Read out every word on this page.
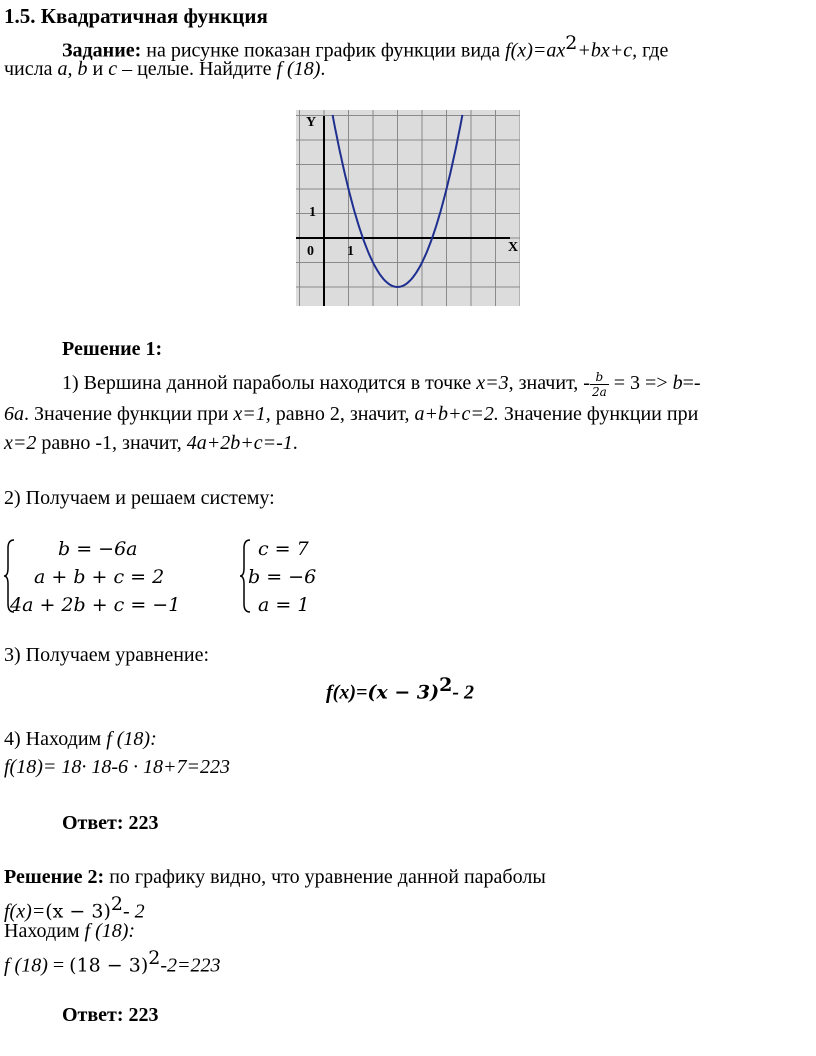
1.5. Квадратичная функция
Задание: на рисунке показан график функции вида $f(x)=ax^2+bx+c$, где
числа a, b и c – целые. Найдите f (18).
Y
X
0 1
1
Решение 1:
1) Вершина данной параболы находится в точке x=3, значит, - $\frac{b}{2a} = 3 => b=-$
6a. Значение функции при x=1, равно 2, значит, a+b+c=2. Значение функции при
x=2 равно -1, значит, 4a+2b+c=-1.
2) Получаем и решаем систему:
b = −6a
a + b + c = 2
4a + 2b + c = −1
c = 7
b = −6
a = 1
3) Получаем уравнение:
$f(x)=(x - 3)^2-$ 2
4) Находим f (18):
f(18)= 18· 18-6 · 18+7=223
Ответ: 223
Решение 2: по графику видно, что уравнение данной параболы
$f(x)=(x - 3)^2-$ 2
Находим f (18):
f $(18) = (18 - 3)^2-2=223$
Ответ: 223
